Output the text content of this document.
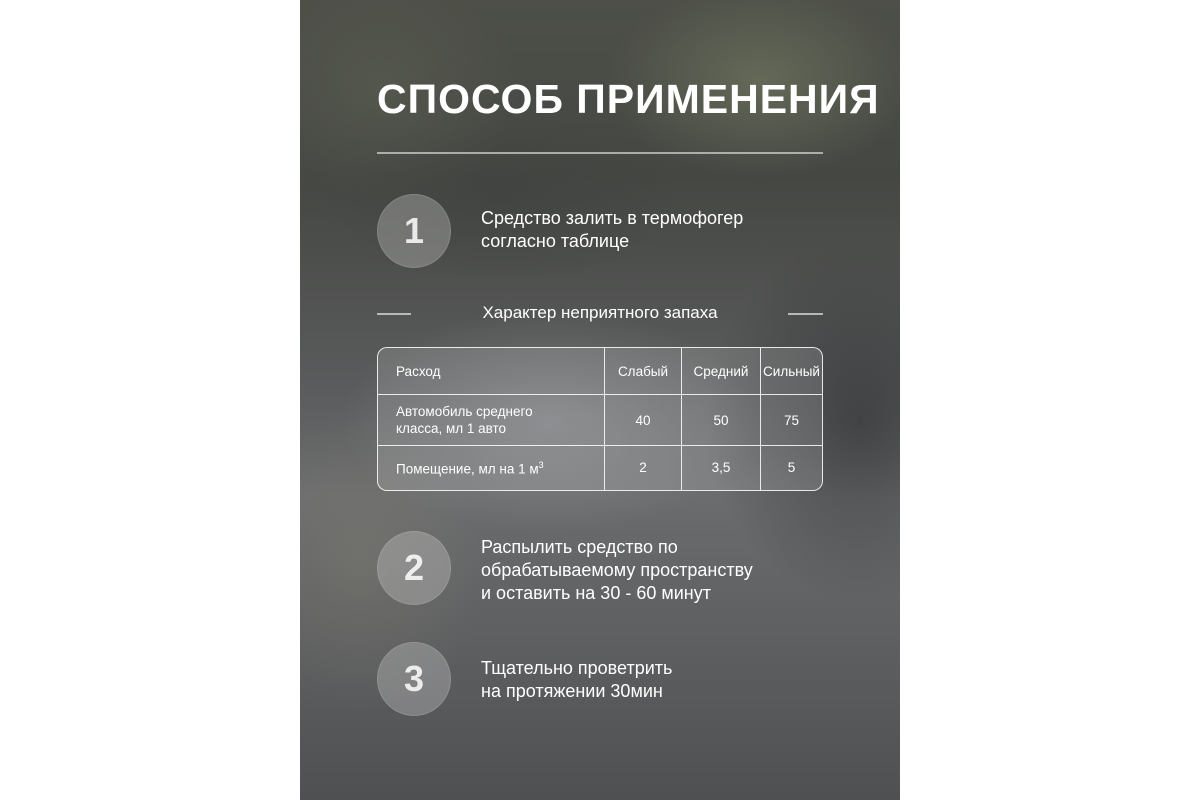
СПОСОБ ПРИМЕНЕНИЯ
1	Средство залить в термофогер
согласно таблице
Характер неприятного запаха
Расход	Слабый	Средний	Сильный

Автомобиль среднего
класса, мл 1 авто	40	50	75
Помещение, мл на 1 $м^3$	2	3,5	5
2	Распылить средство по
обрабатываемому пространству
и оставить на 30 - 60 минут
3	Тщательно проветрить
на протяжении 30мин
